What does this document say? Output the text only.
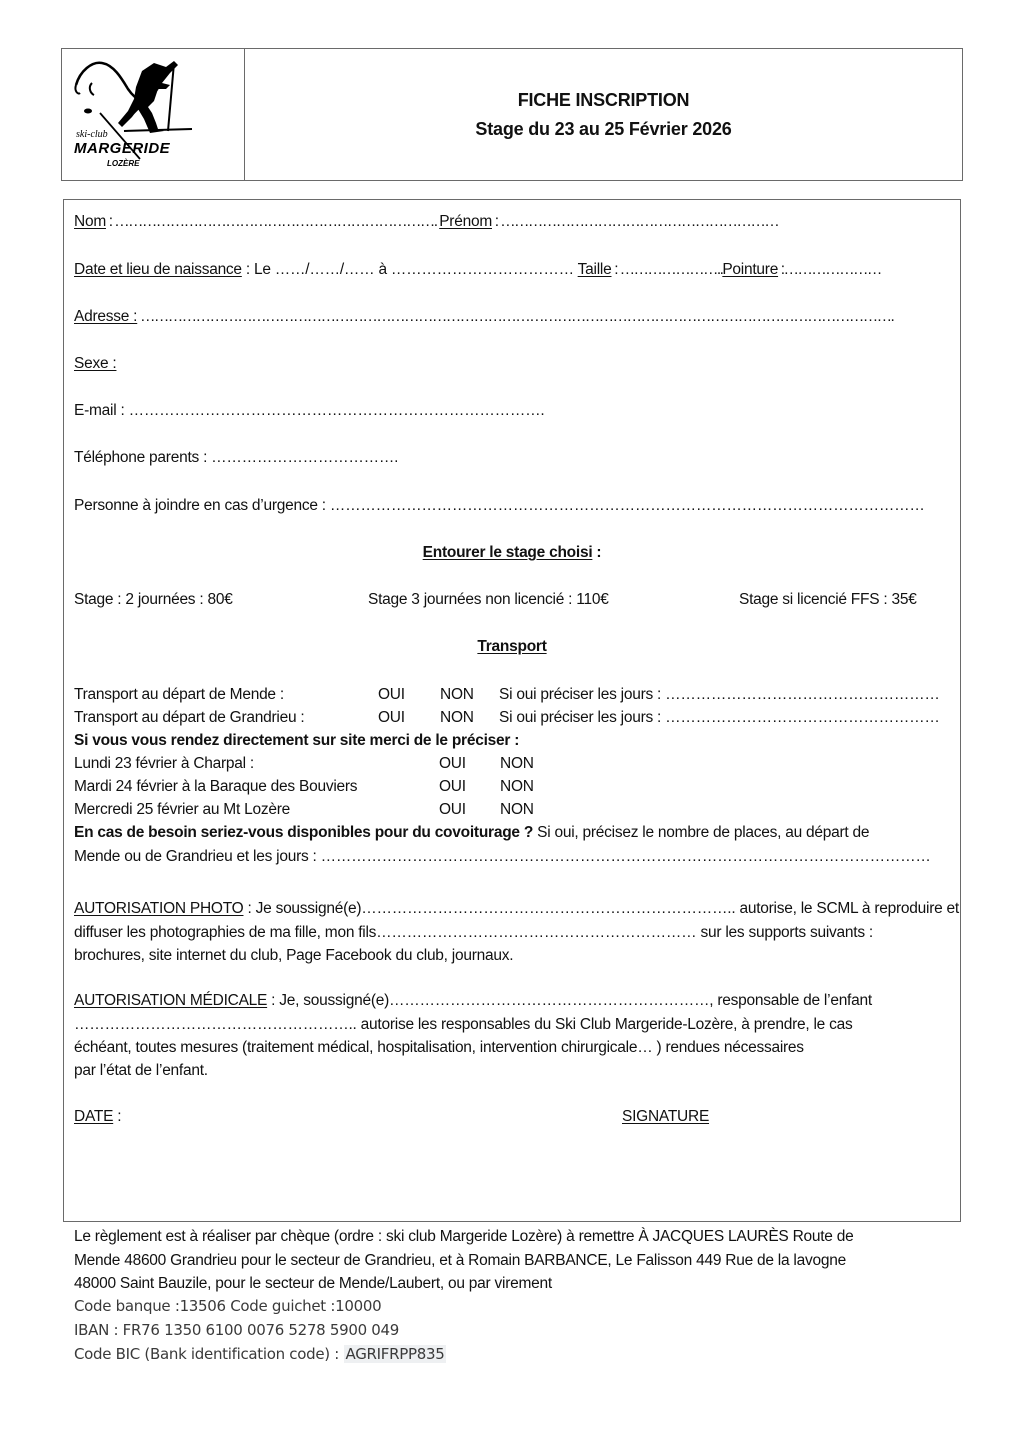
ski-club
MARGERIDE
LOZÈRE
FICHE INSCRIPTION
Stage du 23 au 25 Février 2026
Nom : ……………………………………………………………. Prénom : ……………………………………………………
Date et lieu de naissance : Le ……/……/…… à ……………………………… Taille : …………………..Pointure :…………………
Adresse : ……………………………………………………………………………………………………………………………………………….
Sexe :
E-mail : ……………………………………………………………………….
Téléphone parents : ……………………………….
Personne à joindre en cas d’urgence : ………………………………………………………………………………………………………
Entourer le stage choisi :
Stage : 2 journées : 80€	Stage 3 journées non licencié : 110€	Stage si licencié FFS : 35€
Transport
Transport au départ de Mende :	OUI NON Si oui préciser les jours : ………………………………………………
Transport au départ de Grandrieu :	OUI NON Si oui préciser les jours : ………………………………………………
Si vous vous rendez directement sur site merci de le préciser :
Lundi 23 février à Charpal :	OUI NON
Mardi 24 février à la Baraque des Bouviers	OUI NON
Mercredi 25 février au Mt Lozère	OUI NON
En cas de besoin seriez-vous disponibles pour du covoiturage ? Si oui, précisez le nombre de places, au départ de
Mende ou de Grandrieu et les jours : …………………………………………………………………………………………………………
AUTORISATION PHOTO : Je soussigné(e)……………………………………………………………….. autorise, le SCML à reproduire et
diffuser les photographies de ma fille, mon fils……………………………………………………… sur les supports suivants :
brochures, site internet du club, Page Facebook du club, journaux.
AUTORISATION MÉDICALE : Je, soussigné(e)………………………………………………………, responsable de l’enfant
……………………………………………….. autorise les responsables du Ski Club Margeride-Lozère, à prendre, le cas
échéant, toutes mesures (traitement médical, hospitalisation, intervention chirurgicale… ) rendues nécessaires
par l’état de l’enfant.
DATE :	SIGNATURE
Le règlement est à réaliser par chèque (ordre : ski club Margeride Lozère) à remettre À JACQUES LAURÈS Route de
Mende 48600 Grandrieu pour le secteur de Grandrieu, et à Romain BARBANCE, Le Falisson 449 Rue de la lavogne
48000 Saint Bauzile, pour le secteur de Mende/Laubert, ou par virement
Code banque :13506 Code guichet :10000
IBAN : FR76 1350 6100 0076 5278 5900 049
Code BIC (Bank identification code) : AGRIFRPP835
